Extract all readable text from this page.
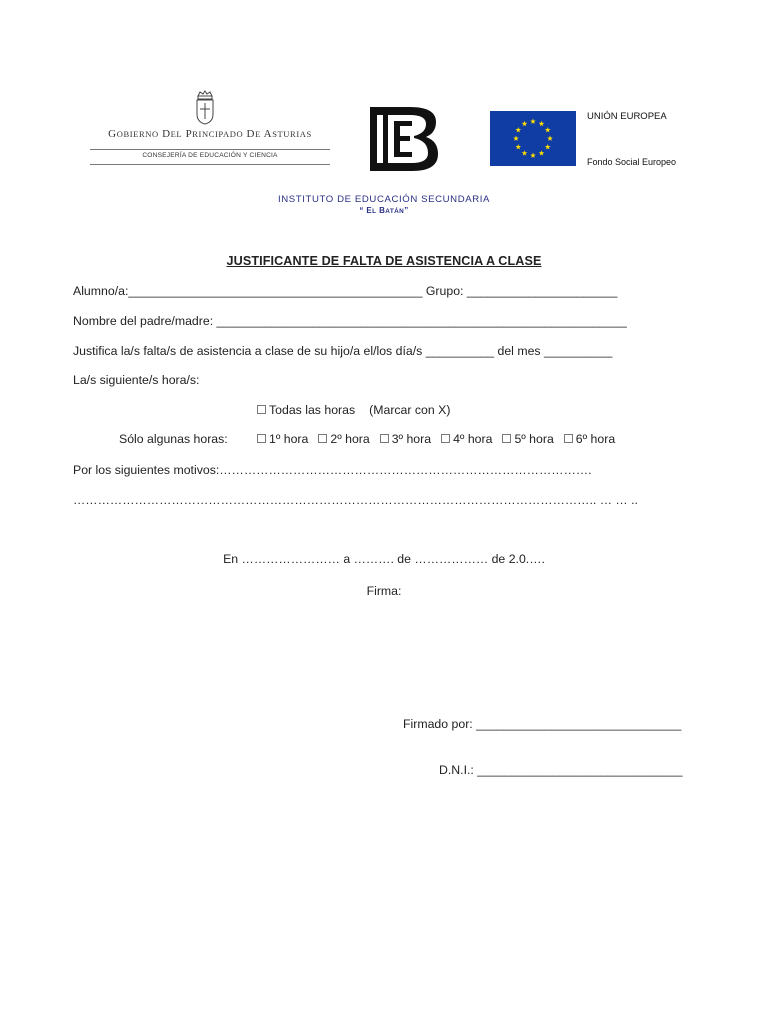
GOBIERNO DEL PRINCIPADO DE ASTURIAS
CONSEJERÍA DE EDUCACIÓN Y CIENCIA
UNIÓN EUROPEA
Fondo Social Europeo
INSTITUTO DE EDUCACIÓN SECUNDARIA
“ EL BATÁN”
JUSTIFICANTE DE FALTA DE ASISTENCIA A CLASE
Alumno/a:___________________________________________ Grupo: ______________________
Nombre del padre/madre: ____________________________________________________________
Justifica la/s falta/s de asistencia a clase de su hijo/a el/los día/s __________ del mes __________
La/s siguiente/s hora/s:
Todas las horas (Marcar con X)
Sólo algunas horas:	1º hora 2º hora 3º hora 4º hora 5º hora 6º hora
Por los siguientes motivos:……………………………………………………………………………….
……………………………………………………………………………………………………………….. … … ..
En …………………… a ………. de ……………… de 2.0.….
Firma:
Firmado por: ______________________________
D.N.I.: ______________________________
